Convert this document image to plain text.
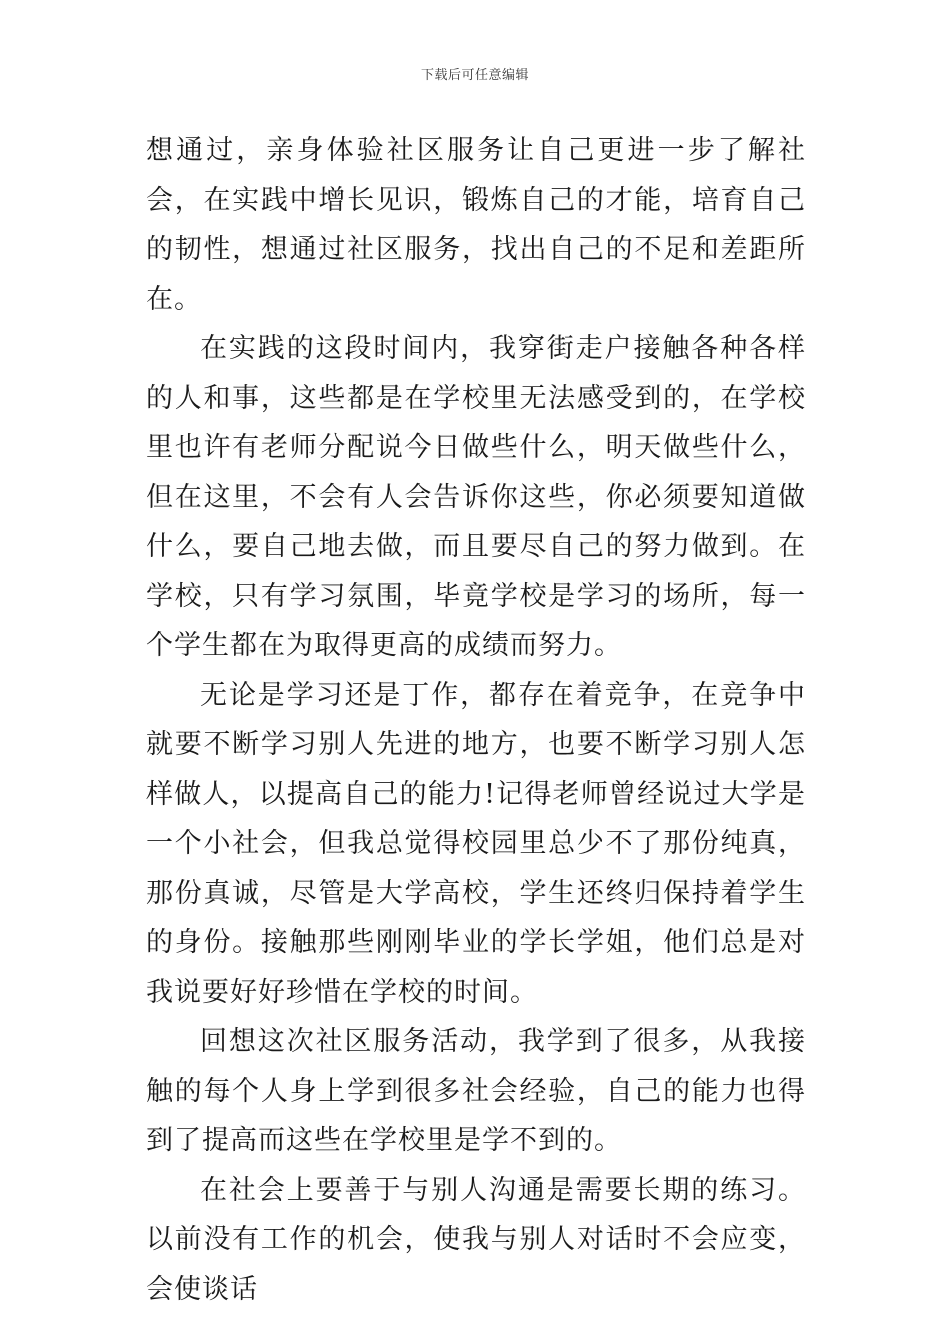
下载后可任意编辑

想通过，亲身体验社区服务让自己更进一步了解社会，在实践中增长见识，锻炼自己的才能，培育自己的韧性，想通过社区服务，找出自己的不足和差距所在。

在实践的这段时间内，我穿街走户接触各种各样的人和事，这些都是在学校里无法感受到的，在学校里也许有老师分配说今日做些什么，明天做些什么，但在这里，不会有人会告诉你这些，你必须要知道做什么，要自己地去做，而且要尽自己的努力做到。在学校，只有学习氛围，毕竟学校是学习的场所，每一个学生都在为取得更高的成绩而努力。

无论是学习还是丁作，都存在着竞争，在竞争中就要不断学习别人先进的地方，也要不断学习别人怎样做人，以提高自己的能力!记得老师曾经说过大学是一个小社会，但我总觉得校园里总少不了那份纯真，那份真诚，尽管是大学高校，学生还终归保持着学生的身份。接触那些刚刚毕业的学长学姐，他们总是对我说要好好珍惜在学校的时间。

回想这次社区服务活动，我学到了很多，从我接触的每个人身上学到很多社会经验，自己的能力也得到了提高而这些在学校里是学不到的。

在社会上要善于与别人沟通是需要长期的练习。以前没有工作的机会，使我与别人对话时不会应变，会使谈话
